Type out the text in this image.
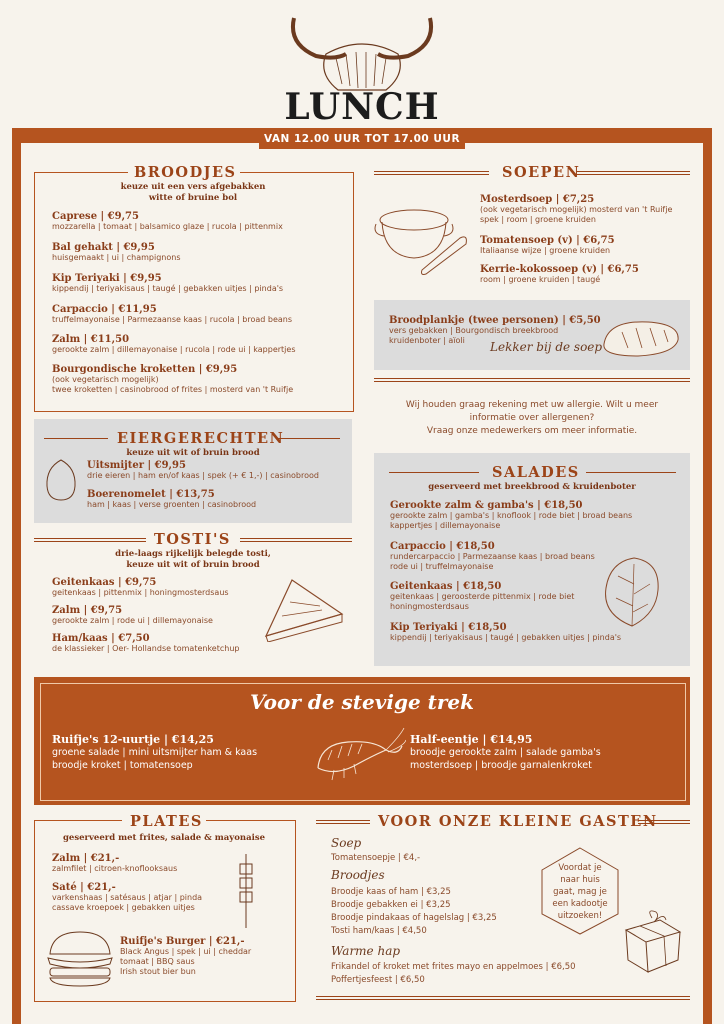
LUNCH
VAN 12.00 UUR TOT 17.00 UUR
BROODJES
keuze uit een vers afgebakken
witte of bruine bol
Caprese | €9,75
mozzarella | tomaat | balsamico glaze | rucola | pittenmix
Bal gehakt | €9,95
huisgemaakt | ui | champignons
Kip Teriyaki | €9,95
kippendij | teriyakisaus | taugé | gebakken uitjes | pinda's
Carpaccio | €11,95
truffelmayonaise | Parmezaanse kaas | rucola | broad beans
Zalm | €11,50
gerookte zalm | dillemayonaise | rucola | rode ui | kappertjes
Bourgondische kroketten | €9,95
(ook vegetarisch mogelijk)
twee kroketten | casinobrood of frites | mosterd van 't Ruifje
SOEPEN
Mosterdsoep | €7,25
(ook vegetarisch mogelijk) mosterd van 't Ruifje
spek | room | groene kruiden
Tomatensoep (v) | €6,75
Italiaanse wijze | groene kruiden
Kerrie-kokossoep (v) | €6,75
room | groene kruiden | taugé
Broodplankje (twee personen) | €5,50
vers gebakken | Bourgondisch breekbrood
kruidenboter | aïoli	Lekker bij de soep
Wij houden graag rekening met uw allergie. Wilt u meer
informatie over allergenen?
Vraag onze medewerkers om meer informatie.
EIERGERECHTEN
keuze uit wit of bruin brood
Uitsmijter | €9,95
drie eieren | ham en/of kaas | spek (+ € 1,-) | casinobrood
Boerenomelet | €13,75
ham | kaas | verse groenten | casinobrood
TOSTI'S
drie-laags rijkelijk belegde tosti,
keuze uit wit of bruin brood
Geitenkaas | €9,75
geitenkaas | pittenmix | honingmosterdsaus
Zalm | €9,75
gerookte zalm | rode ui | dillemayonaise
Ham/kaas | €7,50
de klassieker | Oer- Hollandse tomatenketchup
SALADES
geserveerd met breekbrood & kruidenboter
Gerookte zalm & gamba's | €18,50
gerookte zalm | gamba's | knoflook | rode biet | broad beans
kappertjes | dillemayonaise
Carpaccio | €18,50
rundercarpaccio | Parmezaanse kaas | broad beans
rode ui | truffelmayonaise
Geitenkaas | €18,50
geitenkaas | geroosterde pittenmix | rode biet
honingmosterdsaus
Kip Teriyaki | €18,50
kippendij | teriyakisaus | taugé | gebakken uitjes | pinda's
Voor de stevige trek
Ruifje's 12-uurtje | €14,25
groene salade | mini uitsmijter ham & kaas
broodje kroket | tomatensoep
Half-eentje | €14,95
broodje gerookte zalm | salade gamba's
mosterdsoep | broodje garnalenkroket
PLATES
geserveerd met frites, salade & mayonaise
Zalm | €21,-
zalmfilet | citroen-knoflooksaus
Saté | €21,-
varkenshaas | satésaus | atjar | pinda
cassave kroepoek | gebakken uitjes
Ruifje's Burger | €21,-
Black Angus | spek | ui | cheddar
tomaat | BBQ saus
Irish stout bier bun
VOOR ONZE KLEINE GASTEN
Soep
Tomatensoepje | €4,-
Broodjes
Broodje kaas of ham | €3,25
Broodje gebakken ei | €3,25
Broodje pindakaas of hagelslag | €3,25
Tosti ham/kaas | €4,50
Warme hap
Frikandel of kroket met frites mayo en appelmoes | €6,50
Poffertjesfeest | €6,50
Voordat je
naar huis
gaat, mag je
een kadootje
uitzoeken!
